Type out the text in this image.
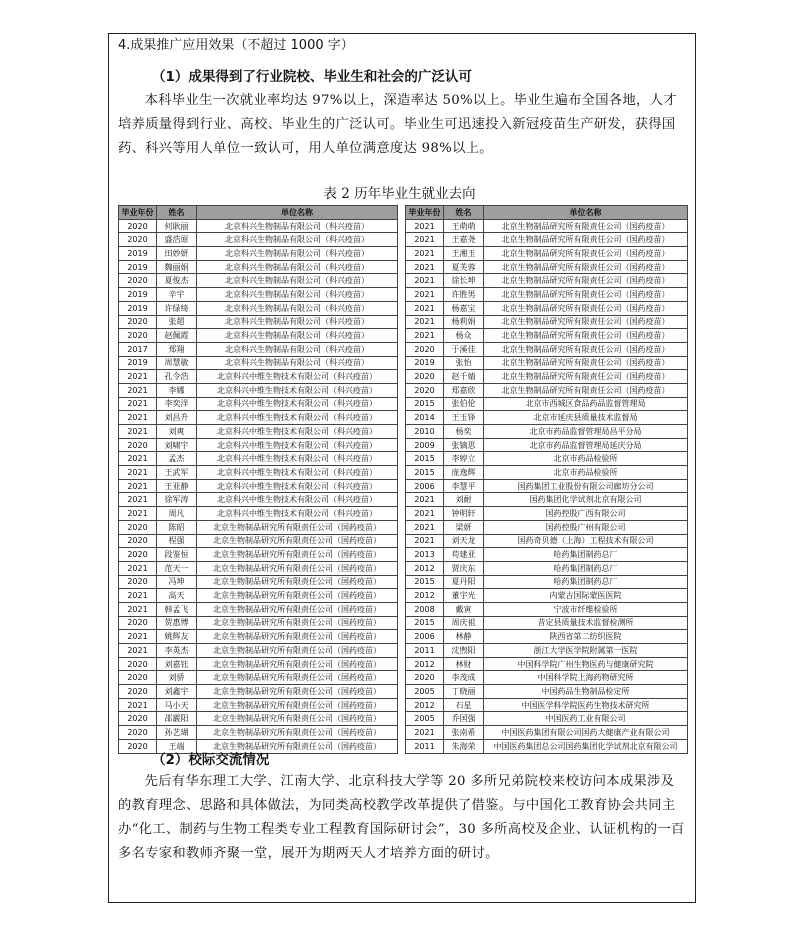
4.成果推广应用效果（不超过 1000 字）
（1）成果得到了行业院校、毕业生和社会的广泛认可
本科毕业生一次就业率均达 97%以上，深造率达 50%以上。毕业生遍布全国各地，人才培养质量得到行业、高校、毕业生的广泛认可。毕业生可迅速投入新冠疫苗生产研发，获得国药、科兴等用人单位一致认可，用人单位满意度达 98%以上。
表 2 历年毕业生就业去向
毕业年份	姓名	单位名称
2020	何耿丽	北京科兴生物制品有限公司（科兴疫苗）
2020	盛浩原	北京科兴生物制品有限公司（科兴疫苗）
2019	田妙妍	北京科兴生物制品有限公司（科兴疫苗）
2019	魏丽娟	北京科兴生物制品有限公司（科兴疫苗）
2020	夏俊杰	北京科兴生物制品有限公司（科兴疫苗）
2019	辛宇	北京科兴生物制品有限公司（科兴疫苗）
2019	许绿绮	北京科兴生物制品有限公司（科兴疫苗）
2020	张超	北京科兴生物制品有限公司（科兴疫苗）
2020	赵佩霞	北京科兴生物制品有限公司（科兴疫苗）
2017	郑翔	北京科兴生物制品有限公司（科兴疫苗）
2019	周慧敏	北京科兴生物制品有限公司（科兴疫苗）
2021	孔令浩	北京科兴中维生物技术有限公司（科兴疫苗）
2021	李娜	北京科兴中维生物技术有限公司（科兴疫苗）
2021	李奕洋	北京科兴中维生物技术有限公司（科兴疫苗）
2021	刘昌升	北京科兴中维生物技术有限公司（科兴疫苗）
2021	刘爽	北京科兴中维生物技术有限公司（科兴疫苗）
2020	刘啸宇	北京科兴中维生物技术有限公司（科兴疫苗）
2021	孟杰	北京科兴中维生物技术有限公司（科兴疫苗）
2021	王武军	北京科兴中维生物技术有限公司（科兴疫苗）
2021	王亚静	北京科兴中维生物技术有限公司（科兴疫苗）
2021	徐军涛	北京科兴中维生物技术有限公司（科兴疫苗）
2021	周凡	北京科兴中维生物技术有限公司（科兴疫苗）
2020	陈昭	北京生物制品研究所有限责任公司（国药疫苗）
2020	程强	北京生物制品研究所有限责任公司（国药疫苗）
2020	段鉴恒	北京生物制品研究所有限责任公司（国药疫苗）
2021	范天一	北京生物制品研究所有限责任公司（国药疫苗）
2020	冯坤	北京生物制品研究所有限责任公司（国药疫苗）
2021	高天	北京生物制品研究所有限责任公司（国药疫苗）
2021	韩孟飞	北京生物制品研究所有限责任公司（国药疫苗）
2020	贺惠博	北京生物制品研究所有限责任公司（国药疫苗）
2021	姚辉友	北京生物制品研究所有限责任公司（国药疫苗）
2021	李英杰	北京生物制品研究所有限责任公司（国药疫苗）
2020	刘嘉钰	北京生物制品研究所有限责任公司（国药疫苗）
2020	刘骄	北京生物制品研究所有限责任公司（国药疫苗）
2020	刘鑫宇	北京生物制品研究所有限责任公司（国药疫苗）
2021	马小天	北京生物制品研究所有限责任公司（国药疫苗）
2020	邵霰阳	北京生物制品研究所有限责任公司（国药疫苗）
2020	孙艺瑚	北京生物制品研究所有限责任公司（国药疫苗）
2020	王端	北京生物制品研究所有限责任公司（国药疫苗）
毕业年份	姓名	单位名称
2021	王萌萌	北京生物制品研究所有限责任公司（国药疫苗）
2021	王嘉尧	北京生物制品研究所有限责任公司（国药疫苗）
2021	王湘玉	北京生物制品研究所有限责任公司（国药疫苗）
2021	夏芙蓉	北京生物制品研究所有限责任公司（国药疫苗）
2021	徐长坤	北京生物制品研究所有限责任公司（国药疫苗）
2021	许胜男	北京生物制品研究所有限责任公司（国药疫苗）
2021	杨嘉宝	北京生物制品研究所有限责任公司（国药疫苗）
2021	杨莉娟	北京生物制品研究所有限责任公司（国药疫苗）
2021	杨众	北京生物制品研究所有限责任公司（国药疫苗）
2020	于溪佳	北京生物制品研究所有限责任公司（国药疫苗）
2019	张怡	北京生物制品研究所有限责任公司（国药疫苗）
2020	赵千婧	北京生物制品研究所有限责任公司（国药疫苗）
2020	郑嘉欣	北京生物制品研究所有限责任公司（国药疫苗）
2015	张伯伦	北京市西城区食品药品监督管理局
2014	王玉铎	北京市延庆县质量技术监督局
2010	杨奕	北京市药品监督管理局昌平分局
2009	张镝思	北京市药品监督管理局延庆分局
2015	李婷立	北京市药品检验所
2015	庞逸辉	北京市药品检验所
2006	李慧平	国药集团工业股份有限公司廊坊分公司
2021	刘耐	国药集团化学试剂北京有限公司
2021	钟明轩	国药控股广西有限公司
2021	梁妍	国药控股广州有限公司
2021	刘天龙	国药奇贝德（上海）工程技术有限公司
2013	苟建亚	哈药集团制药总厂
2012	贾庆东	哈药集团制药总厂
2015	夏丹阳	哈药集团制药总厂
2012	董宇光	内蒙古国际蒙医医院
2008	戴寅	宁波市纤维检验所
2015	周庆祖	昔定县质量技术监督检测所
2006	林静	陕西省第二纺织医院
2011	沈煦阳	浙江大学医学院附属第一医院
2012	林财	中国科学院广州生物医药与健康研究院
2020	李茂成	中国科学院上海药物研究所
2005	丁晓丽	中国药品生物制品检定所
2012	石星	中国医学科学院医药生物技术研究所
2005	乔国强	中国医药工业有限公司
2021	张南希	中国医药集团有限公司国药大健康产业有限公司
2011	朱海荣	中国医药集团总公司国药集团化学试剂北京有限公司
（2）校际交流情况
先后有华东理工大学、江南大学、北京科技大学等 20 多所兄弟院校来校访问本成果涉及的教育理念、思路和具体做法，为同类高校教学改革提供了借鉴。与中国化工教育协会共同主办“化工、制药与生物工程类专业工程教育国际研讨会”，30 多所高校及企业、认证机构的一百多名专家和教师齐聚一堂，展开为期两天人才培养方面的研讨。
